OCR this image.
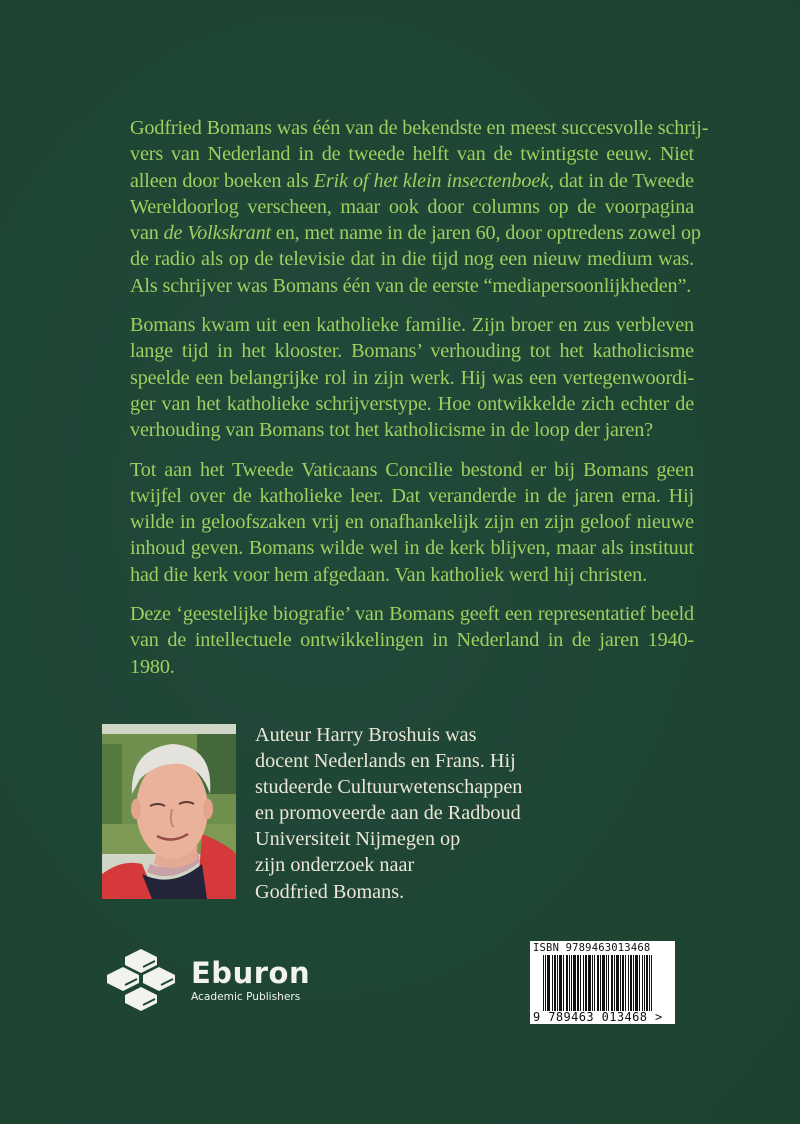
Godfried Bomans was één van de bekendste en meest succesvolle schrij-
vers van Nederland in de tweede helft van de twintigste eeuw. Niet
alleen door boeken als Erik of het klein insectenboek, dat in de Tweede
Wereldoorlog verscheen, maar ook door columns op de voorpagina
van de Volkskrant en, met name in de jaren 60, door optredens zowel op
de radio als op de televisie dat in die tijd nog een nieuw medium was.
Als schrijver was Bomans één van de eerste “mediapersoonlijkheden”.

Bomans kwam uit een katholieke familie. Zijn broer en zus verbleven
lange tijd in het klooster. Bomans’ verhouding tot het katholicisme
speelde een belangrijke rol in zijn werk. Hij was een vertegenwoordi-
ger van het katholieke schrijverstype. Hoe ontwikkelde zich echter de
verhouding van Bomans tot het katholicisme in de loop der jaren?

Tot aan het Tweede Vaticaans Concilie bestond er bij Bomans geen
twijfel over de katholieke leer. Dat veranderde in de jaren erna. Hij
wilde in geloofszaken vrij en onafhankelijk zijn en zijn geloof nieuwe
inhoud geven. Bomans wilde wel in de kerk blijven, maar als instituut
had die kerk voor hem afgedaan. Van katholiek werd hij christen.

Deze ‘geestelijke biografie’ van Bomans geeft een representatief beeld
van de intellectuele ontwikkelingen in Nederland in de jaren 1940-
1980.

Auteur Harry Broshuis was
docent Nederlands en Frans. Hij
studeerde Cultuurwetenschappen
en promoveerde aan de Radboud
Universiteit Nijmegen op
zijn onderzoek naar
Godfried Bomans.
Eburon
Academic Publishers
ISBN 9789463013468
9 789463 013468 >
